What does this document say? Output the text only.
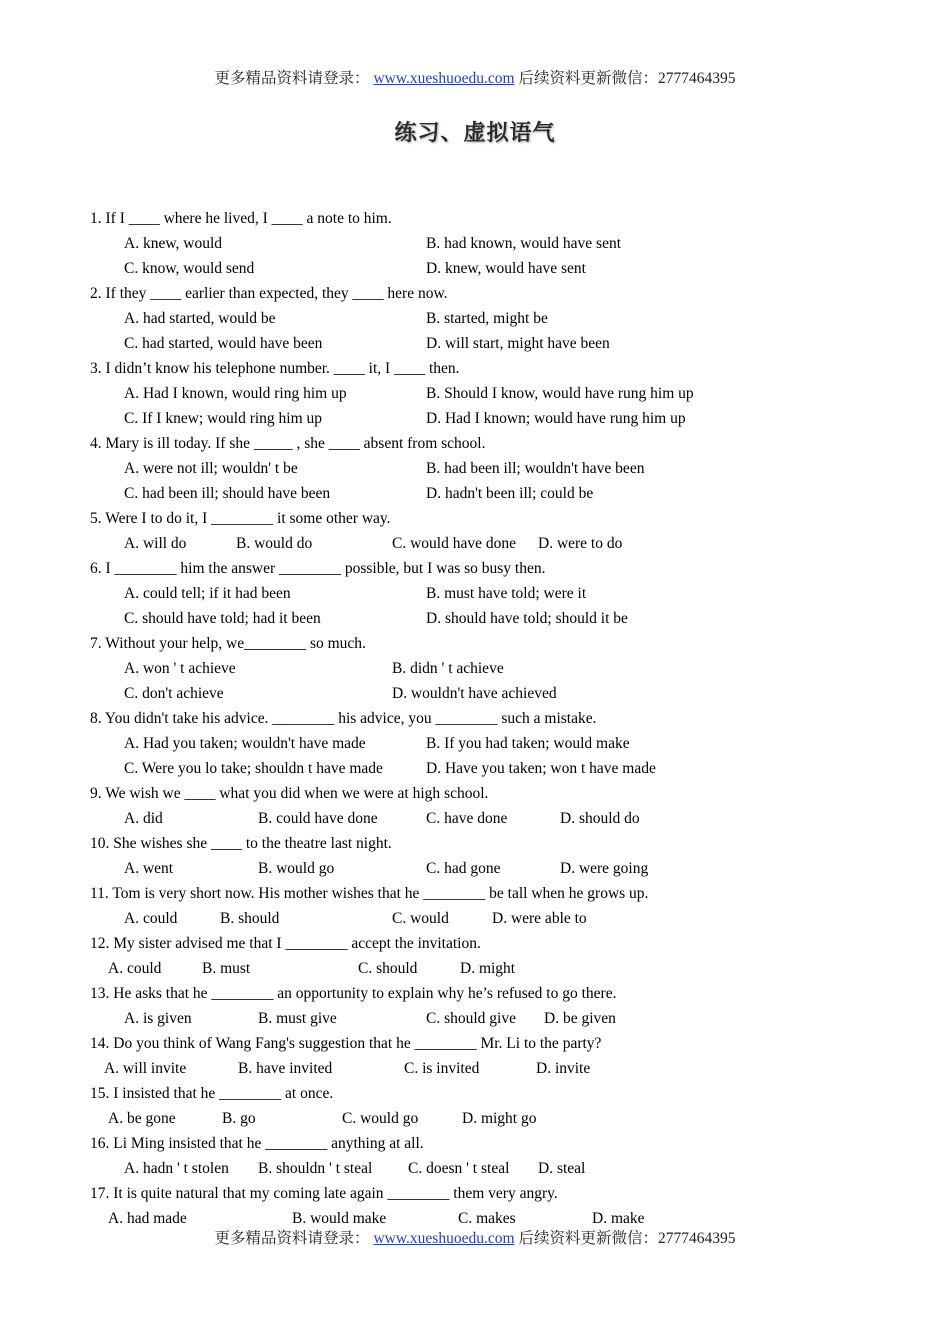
更多精品资料请登录： www.xueshuoedu.com 后续资料更新微信：2777464395
练习、虚拟语气
1. If I ____ where he lived, I ____ a note to him.
A. knew, would	B. had known, would have sent
C. know, would send	D. knew, would have sent
2. If they ____ earlier than expected, they ____ here now.
A. had started, would be	B. started, might be
C. had started, would have been	D. will start, might have been
3. I didn’t know his telephone number. ____ it, I ____ then.
A. Had I known, would ring him up	B. Should I know, would have rung him up
C. If I knew; would ring him up	D. Had I known; would have rung him up
4. Mary is ill today. If she _____ , she ____ absent from school.
A. were not ill; wouldn' t be	B. had been ill; wouldn't have been
C. had been ill; should have been	D. hadn't been ill; could be
5. Were I to do it, I ________ it some other way.
A. will do	B. would do	C. would have done D. were to do
6. I ________ him the answer ________ possible, but I was so busy then.
A. could tell; if it had been	B. must have told; were it
C. should have told; had it been	D. should have told; should it be
7. Without your help, we________ so much.
A. won ' t achieve	B. didn ' t achieve
C. don't achieve	D. wouldn't have achieved
8. You didn't take his advice. ________ his advice, you ________ such a mistake.
A. Had you taken; wouldn't have made	B. If you had taken; would make
C. Were you lo take; shouldn t have made	D. Have you taken; won t have made
9. We wish we ____ what you did when we were at high school.
A. did	B. could have done	C. have done	D. should do
10. She wishes she ____ to the theatre last night.
A. went	B. would go	C. had gone	D. were going
11. Tom is very short now. His mother wishes that he ________ be tall when he grows up.
A. could	B. should	C. would	D. were able to
12. My sister advised me that I ________ accept the invitation.
A. could	B. must	C. should	D. might
13. He asks that he ________ an opportunity to explain why he’s refused to go there.
A. is given	B. must give	C. should give D. be given
14. Do you think of Wang Fang's suggestion that he ________ Mr. Li to the party?
A. will invite	B. have invited	C. is invited	D. invite
15. I insisted that he ________ at once.
A. be gone	B. go	C. would go	D. might go
16. Li Ming insisted that he ________ anything at all.
A. hadn ' t stolen B. shouldn ' t steal C. doesn ' t steal D. steal
17. It is quite natural that my coming late again ________ them very angry.
A. had made	B. would make	C. makes	D. make
更多精品资料请登录： www.xueshuoedu.com 后续资料更新微信：2777464395
